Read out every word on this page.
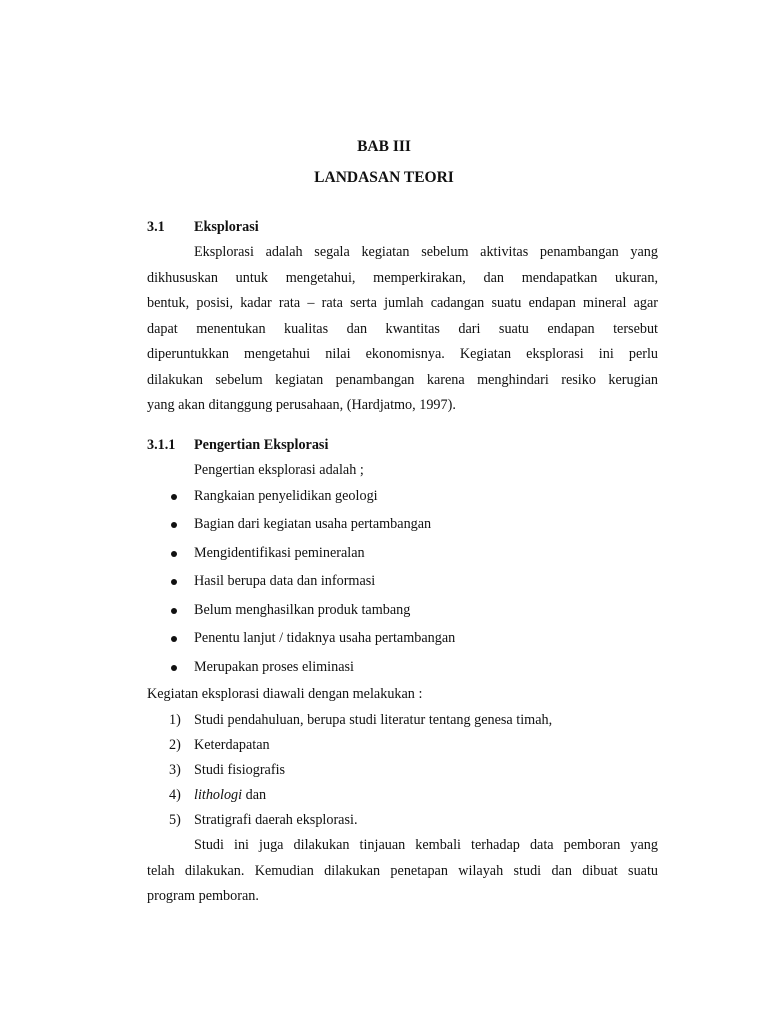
BAB III
LANDASAN TEORI
3.1 Eksplorasi
Eksplorasi adalah segala kegiatan sebelum aktivitas penambangan yang
dikhususkan untuk mengetahui, memperkirakan, dan mendapatkan ukuran,
bentuk, posisi, kadar rata – rata serta jumlah cadangan suatu endapan mineral agar
dapat menentukan kualitas dan kwantitas dari suatu endapan tersebut
diperuntukkan mengetahui nilai ekonomisnya. Kegiatan eksplorasi ini perlu
dilakukan sebelum kegiatan penambangan karena menghindari resiko kerugian
yang akan ditanggung perusahaan, (Hardjatmo, 1997).
3.1.1 Pengertian Eksplorasi
Pengertian eksplorasi adalah ;
Rangkaian penyelidikan geologi
Bagian dari kegiatan usaha pertambangan
Mengidentifikasi pemineralan
Hasil berupa data dan informasi
Belum menghasilkan produk tambang
Penentu lanjut / tidaknya usaha pertambangan
Merupakan proses eliminasi
Kegiatan eksplorasi diawali dengan melakukan :
1) Studi pendahuluan, berupa studi literatur tentang genesa timah,
2) Keterdapatan
3) Studi fisiografis
4) lithologi dan
5) Stratigrafi daerah eksplorasi.
Studi ini juga dilakukan tinjauan kembali terhadap data pemboran yang
telah dilakukan. Kemudian dilakukan penetapan wilayah studi dan dibuat suatu
program pemboran.
